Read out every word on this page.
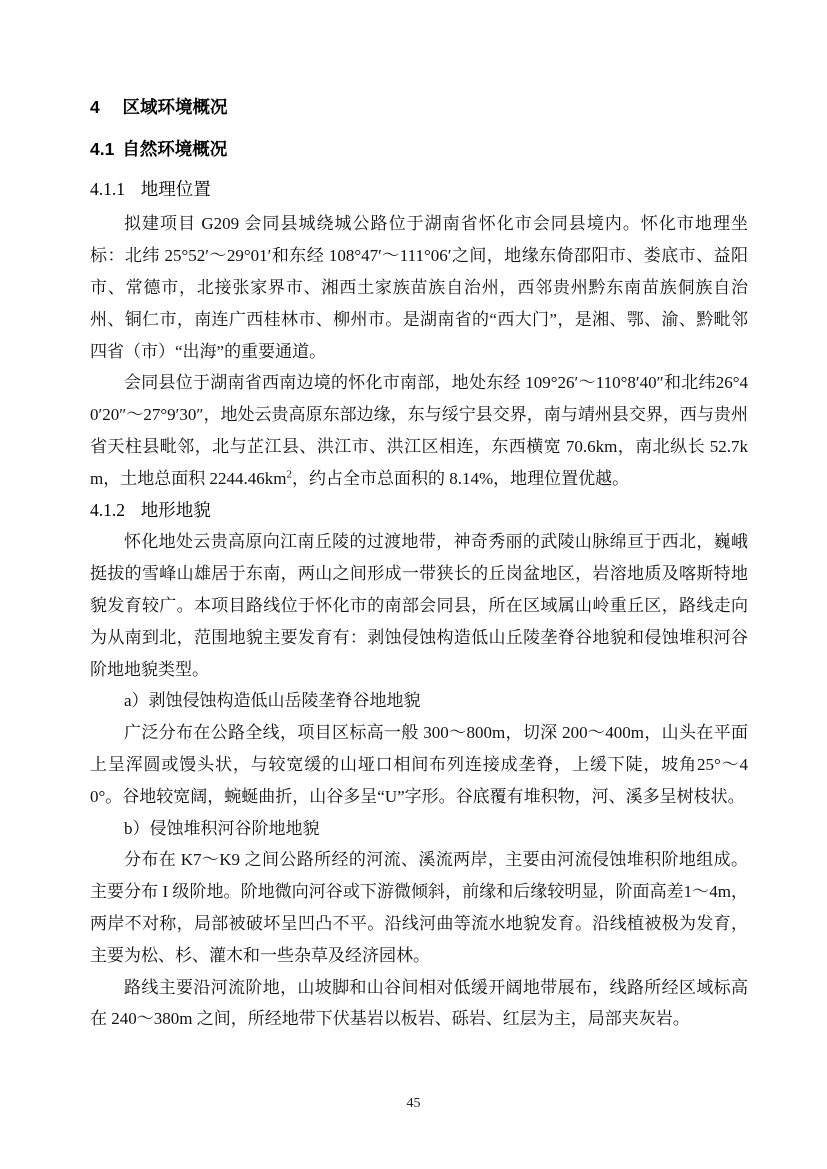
4 区域环境概况
4.1 自然环境概况
4.1.1 地理位置

拟建项目 G209 会同县城绕城公路位于湖南省怀化市会同县境内。怀化市地理坐标：北纬 25°52′～29°01′和东经 108°47′～111°06′之间，地缘东倚邵阳市、娄底市、益阳市、常德市，北接张家界市、湘西土家族苗族自治州，西邻贵州黔东南苗族侗族自治州、铜仁市，南连广西桂林市、柳州市。是湖南省的“西大门”，是湘、鄂、渝、黔毗邻四省（市）“出海”的重要通道。

会同县位于湖南省西南边境的怀化市南部，地处东经 109°26′～110°8′40″和北纬26°40′20″～27°9′30″，地处云贵高原东部边缘，东与绥宁县交界，南与靖州县交界，西与贵州省天柱县毗邻，北与芷江县、洪江市、洪江区相连，东西横宽 70.6km，南北纵长 52.7km，土地总面积 $2244.46km^2$，约占全市总面积的 8.14%，地理位置优越。

4.1.2 地形地貌

怀化地处云贵高原向江南丘陵的过渡地带，神奇秀丽的武陵山脉绵亘于西北，巍峨挺拔的雪峰山雄居于东南，两山之间形成一带狭长的丘岗盆地区，岩溶地质及喀斯特地貌发育较广。本项目路线位于怀化市的南部会同县，所在区域属山岭重丘区，路线走向为从南到北，范围地貌主要发育有：剥蚀侵蚀构造低山丘陵垄脊谷地貌和侵蚀堆积河谷阶地地貌类型。

a）剥蚀侵蚀构造低山岳陵垄脊谷地地貌

广泛分布在公路全线，项目区标高一般 300～800m，切深 200～400m，山头在平面上呈浑圆或馒头状，与较宽缓的山垭口相间布列连接成垄脊，上缓下陡，坡角25°～40°。谷地较宽阔，蜿蜒曲折，山谷多呈“U”字形。谷底覆有堆积物，河、溪多呈树枝状。

b）侵蚀堆积河谷阶地地貌

分布在 K7～K9 之间公路所经的河流、溪流两岸，主要由河流侵蚀堆积阶地组成。主要分布 I 级阶地。阶地微向河谷或下游微倾斜，前缘和后缘较明显，阶面高差1～4m，两岸不对称，局部被破坏呈凹凸不平。沿线河曲等流水地貌发育。沿线植被极为发育，主要为松、杉、灌木和一些杂草及经济园林。

路线主要沿河流阶地，山坡脚和山谷间相对低缓开阔地带展布，线路所经区域标高在 240～380m 之间，所经地带下伏基岩以板岩、砾岩、红层为主，局部夹灰岩。

45
